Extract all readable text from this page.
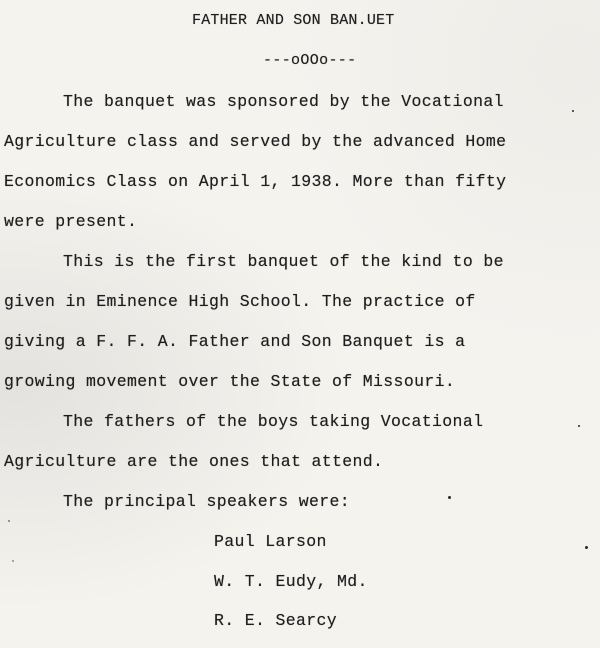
FATHER AND SON BAN.UET
---oOOo---
The banquet was sponsored by the Vocational
Agriculture class and served by the advanced Home
Economics Class on April 1, 1938. More than fifty
were present.
This is the first banquet of the kind to be
given in Eminence High School. The practice of
giving a F. F. A. Father and Son Banquet is a
growing movement over the State of Missouri.
The fathers of the boys taking Vocational
Agriculture are the ones that attend.
The principal speakers were:
Paul Larson
W. T. Eudy, Md.
R. E. Searcy
